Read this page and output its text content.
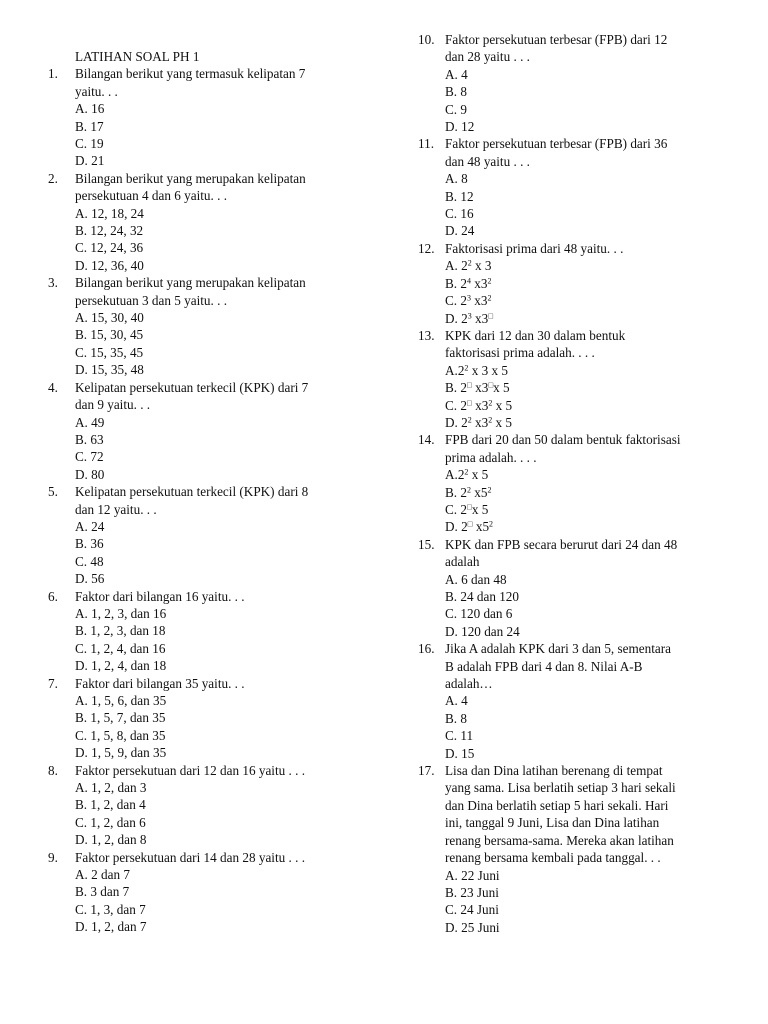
LATIHAN SOAL PH 1
1.	Bilangan berikut yang termasuk kelipatan 7
yaitu. . .
A. 16
B. 17
C. 19
D. 21
2.	Bilangan berikut yang merupakan kelipatan
persekutuan 4 dan 6 yaitu. . .
A. 12, 18, 24
B. 12, 24, 32
C. 12, 24, 36
D. 12, 36, 40
3.	Bilangan berikut yang merupakan kelipatan
persekutuan 3 dan 5 yaitu. . .
A. 15, 30, 40
B. 15, 30, 45
C. 15, 35, 45
D. 15, 35, 48
4.	Kelipatan persekutuan terkecil (KPK) dari 7
dan 9 yaitu. . .
A. 49
B. 63
C. 72
D. 80
5.	Kelipatan persekutuan terkecil (KPK) dari 8
dan 12 yaitu. . .
A. 24
B. 36
C. 48
D. 56
6.	Faktor dari bilangan 16 yaitu. . .
A. 1, 2, 3, dan 16
B. 1, 2, 3, dan 18
C. 1, 2, 4, dan 16
D. 1, 2, 4, dan 18
7.	Faktor dari bilangan 35 yaitu. . .
A. 1, 5, 6, dan 35
B. 1, 5, 7, dan 35
C. 1, 5, 8, dan 35
D. 1, 5, 9, dan 35
8.	Faktor persekutuan dari 12 dan 16 yaitu . . .
A. 1, 2, dan 3
B. 1, 2, dan 4
C. 1, 2, dan 6
D. 1, 2, dan 8
9.	Faktor persekutuan dari 14 dan 28 yaitu . . .
A. 2 dan 7
B. 3 dan 7
C. 1, 3, dan 7
D. 1, 2, dan 7
10. Faktor persekutuan terbesar (FPB) dari 12
dan 28 yaitu . . .
A. 4
B. 8
C. 9
D. 12
11. Faktor persekutuan terbesar (FPB) dari 36
dan 48 yaitu . . .
A. 8
B. 12
C. 16
D. 24
12. Faktorisasi prima dari 48 yaitu. . .
A. $2^2$ x 3
B. $2^4$ $x3^2$
C. $2^3$ $x3^2$
D. $2^3$ x3□
13. KPK dari 12 dan 30 dalam bentuk
faktorisasi prima adalah. . . .
$A.2^2$ x 3 x 5
B. 2□ x3□x 5
C. 2□ $x3^2$ x 5
D. $2^2$ $x3^2$ x 5
14. FPB dari 20 dan 50 dalam bentuk faktorisasi
prima adalah. . . .
$A.2^2$ x 5
B. $2^2$ $x5^2$
C. 2□x 5
D. 2□ $x5^2$
15. KPK dan FPB secara berurut dari 24 dan 48
adalah
A. 6 dan 48
B. 24 dan 120
C. 120 dan 6
D. 120 dan 24
16. Jika A adalah KPK dari 3 dan 5, sementara
B adalah FPB dari 4 dan 8. Nilai A-B
adalah…
A. 4
B. 8
C. 11
D. 15
17. Lisa dan Dina latihan berenang di tempat
yang sama. Lisa berlatih setiap 3 hari sekali
dan Dina berlatih setiap 5 hari sekali. Hari
ini, tanggal 9 Juni, Lisa dan Dina latihan
renang bersama-sama. Mereka akan latihan
renang bersama kembali pada tanggal. . .
A. 22 Juni
B. 23 Juni
C. 24 Juni
D. 25 Juni
